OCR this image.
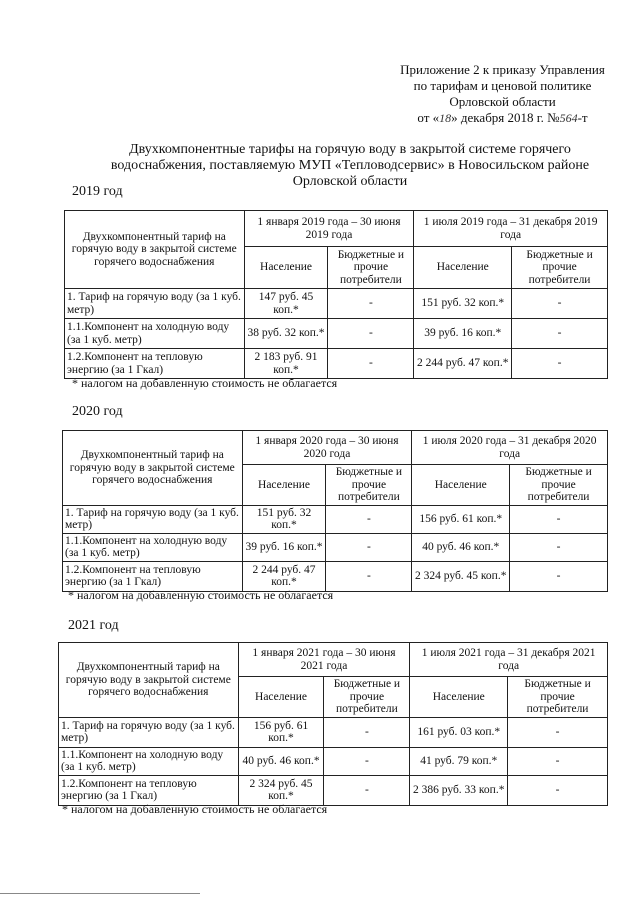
Приложение 2 к приказу Управления
по тарифам и ценовой политике
Орловской области
от «18» декабря 2018 г. №564-т
Двухкомпонентные тарифы на горячую воду в закрытой системе горячего водоснабжения, поставляемую МУП «Тепловодсервис» в Новосильском районе Орловской области
2019 год
Двухкомпонентный тариф на горячую воду в закрытой системе горячего водоснабжения	1 января 2019 года – 30 июня 2019 года		1 июля 2019 года – 31 декабря 2019 года	
	Население	Бюджетные и прочие потребители	Население	Бюджетные и прочие потребители
1. Тариф на горячую воду (за 1 куб. метр)	147 руб. 45 коп.*	-	151 руб. 32 коп.*	-
1.1.Компонент на холодную воду (за 1 куб. метр)	38 руб. 32 коп.*	-	39 руб. 16 коп.*	-
1.2.Компонент на тепловую энергию (за 1 Гкал)	2 183 руб. 91 коп.*	-	2 244 руб. 47 коп.*	-
* налогом на добавленную стоимость не облагается
2020 год
Двухкомпонентный тариф на горячую воду в закрытой системе горячего водоснабжения	1 января 2020 года – 30 июня 2020 года		1 июля 2020 года – 31 декабря 2020 года	
	Население	Бюджетные и прочие потребители	Население	Бюджетные и прочие потребители
1. Тариф на горячую воду (за 1 куб. метр)	151 руб. 32 коп.*	-	156 руб. 61 коп.*	-
1.1.Компонент на холодную воду (за 1 куб. метр)	39 руб. 16 коп.*	-	40 руб. 46 коп.*	-
1.2.Компонент на тепловую энергию (за 1 Гкал)	2 244 руб. 47 коп.*	-	2 324 руб. 45 коп.*	-
* налогом на добавленную стоимость не облагается
2021 год
Двухкомпонентный тариф на горячую воду в закрытой системе горячего водоснабжения	1 января 2021 года – 30 июня 2021 года		1 июля 2021 года – 31 декабря 2021 года	
	Население	Бюджетные и прочие потребители	Население	Бюджетные и прочие потребители
1. Тариф на горячую воду (за 1 куб. метр)	156 руб. 61 коп.*	-	161 руб. 03 коп.*	-
1.1.Компонент на холодную воду (за 1 куб. метр)	40 руб. 46 коп.*	-	41 руб. 79 коп.*	-
1.2.Компонент на тепловую энергию (за 1 Гкал)	2 324 руб. 45 коп.*	-	2 386 руб. 33 коп.*	-
* налогом на добавленную стоимость не облагается
